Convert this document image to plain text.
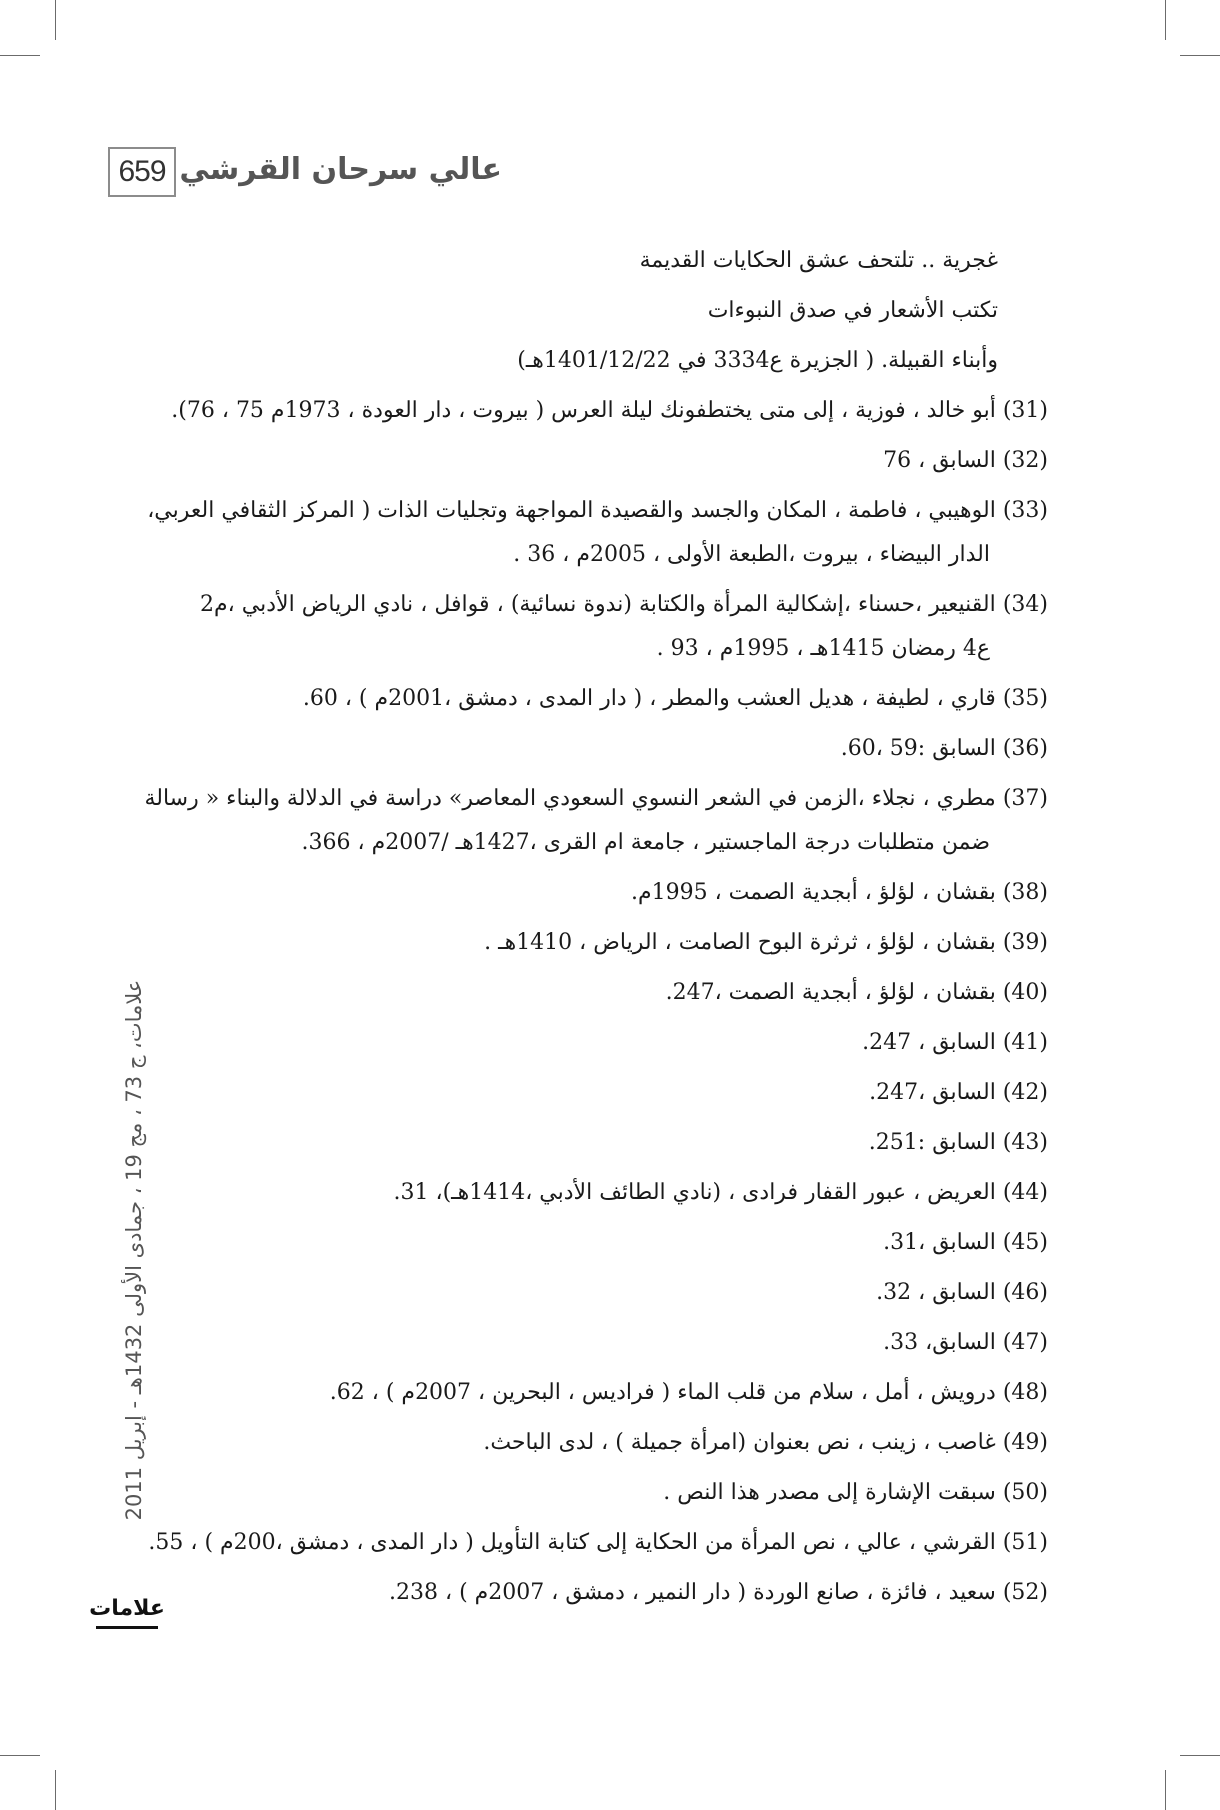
659 عالي سرحان القرشي
علامات، ج 73 ، مج 19 ، جمادى الأولى 1432هـ - إبريل 2011
علامات
غجرية .. تلتحف عشق الحكايات القديمة
تكتب الأشعار في صدق النبوءات
وأبناء القبيلة. ( الجزيرة ع3334 في 1401/12/22هـ)
(31) أبو خالد ، فوزية ، إلى متى يختطفونك ليلة العرس ( بيروت ، دار العودة ، 1973م 75 ، 76).
(32) السابق ، 76
(33) الوهيبي ، فاطمة ، المكان والجسد والقصيدة المواجهة وتجليات الذات ( المركز الثقافي العربي،
الدار البيضاء ، بيروت ،الطبعة الأولى ، 2005م ، 36 .
(34) القنيعير ،حسناء ،إشكالية المرأة والكتابة (ندوة نسائية) ، قوافل ، نادي الرياض الأدبي ،م2
ع4 رمضان 1415هـ ، 1995م ، 93 .
(35) قاري ، لطيفة ، هديل العشب والمطر ، ( دار المدى ، دمشق ،2001م ) ، 60.
(36) السابق :59 ،60.
(37) مطري ، نجلاء ،الزمن في الشعر النسوي السعودي المعاصر» دراسة في الدلالة والبناء « رسالة
ضمن متطلبات درجة الماجستير ، جامعة ام القرى ،1427هـ /2007م ، 366.
(38) بقشان ، لؤلؤ ، أبجدية الصمت ، 1995م.
(39) بقشان ، لؤلؤ ، ثرثرة البوح الصامت ، الرياض ، 1410هـ .
(40) بقشان ، لؤلؤ ، أبجدية الصمت ،247.
(41) السابق ، 247.
(42) السابق ،247.
(43) السابق :251.
(44) العريض ، عبور القفار فرادى ، (نادي الطائف الأدبي ،1414هـ)، 31.
(45) السابق ،31.
(46) السابق ، 32.
(47) السابق، 33.
(48) درويش ، أمل ، سلام من قلب الماء ( فراديس ، البحرين ، 2007م ) ، 62.
(49) غاصب ، زينب ، نص بعنوان (امرأة جميلة ) ، لدى الباحث.
(50) سبقت الإشارة إلى مصدر هذا النص .
(51) القرشي ، عالي ، نص المرأة من الحكاية إلى كتابة التأويل ( دار المدى ، دمشق ،200م ) ، 55.
(52) سعيد ، فائزة ، صانع الوردة ( دار النمير ، دمشق ، 2007م ) ، 238.
